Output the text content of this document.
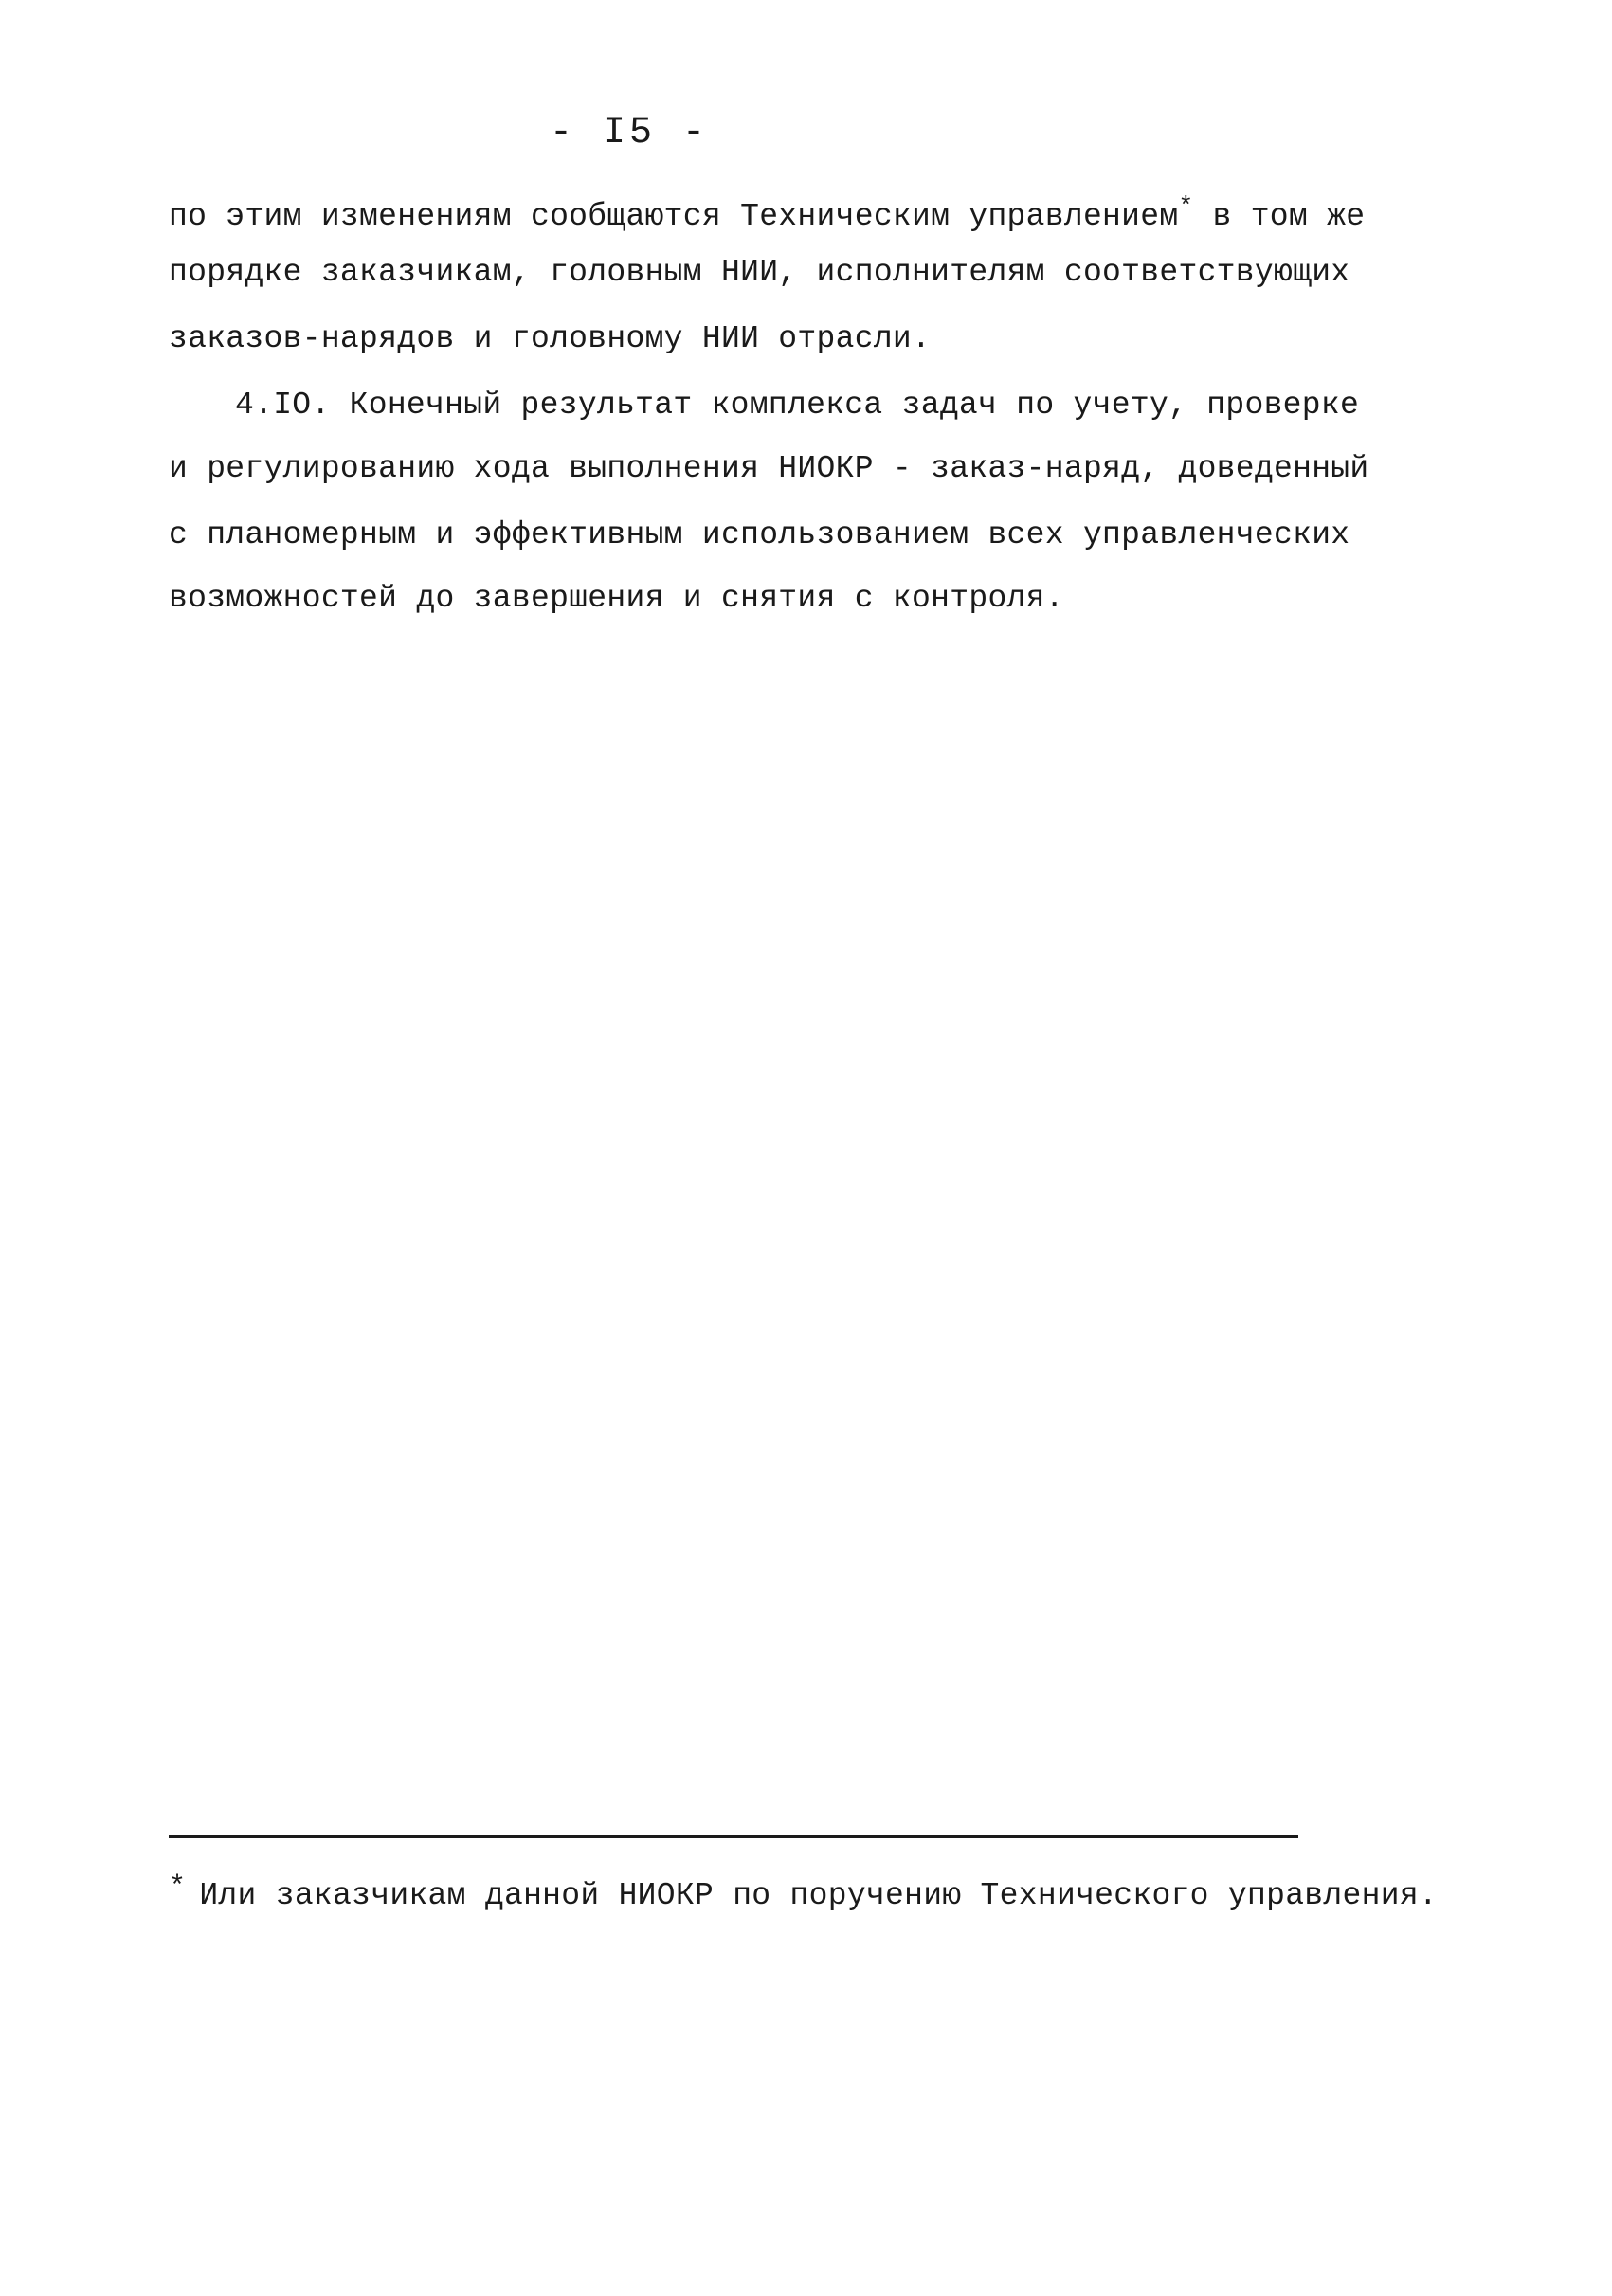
- I5 -
по этим изменениям сообщаются Техническим управлением* в том же
порядке заказчикам, головным НИИ, исполнителям соответствующих
заказов-нарядов и головному НИИ отрасли.
4.IO. Конечный результат комплекса задач по учету, проверке
и регулированию хода выполнения НИОКР - заказ-наряд, доведенный
с планомерным и эффективным использованием всех управленческих
возможностей до завершения и снятия с контроля.
* Или заказчикам данной НИОКР по поручению Технического управления.
